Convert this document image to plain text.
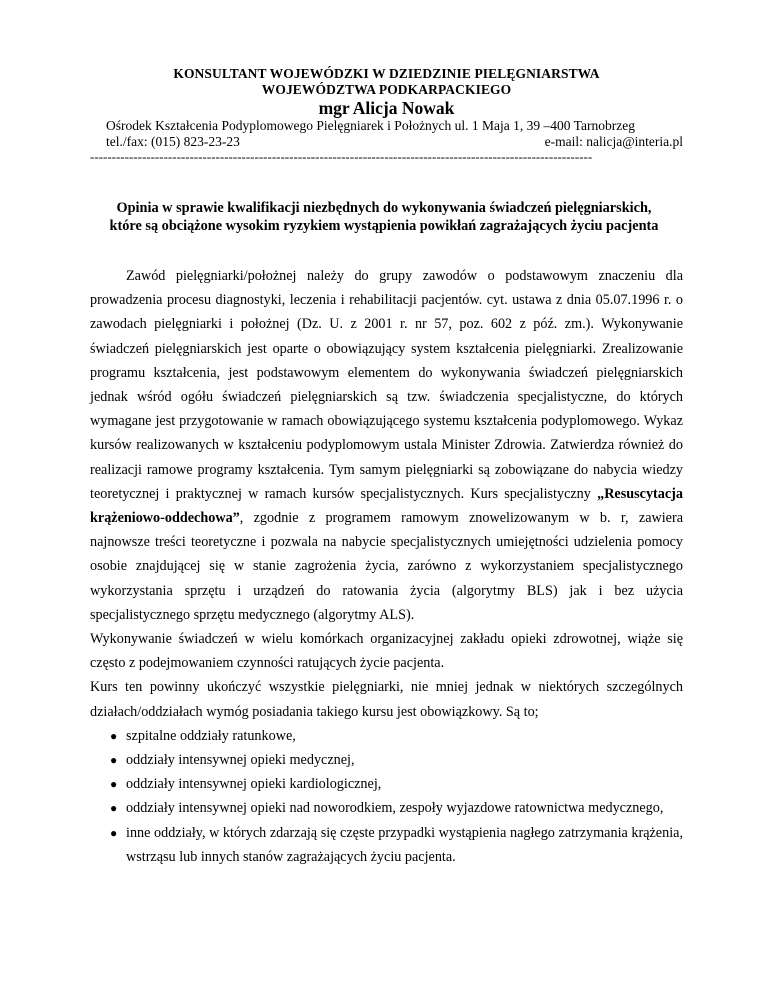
KONSULTANT WOJEWÓDZKI W DZIEDZINIE PIELĘGNIARSTWA
WOJEWÓDZTWA PODKARPACKIEGO
mgr Alicja Nowak
Ośrodek Kształcenia Podyplomowego Pielęgniarek i Położnych ul. 1 Maja 1, 39 –400 Tarnobrzeg
tel./fax: (015) 823-23-23	e-mail: nalicja@interia.pl
--------------------------------------------------------------------------------------------------------------------
Opinia w sprawie kwalifikacji niezbędnych do wykonywania świadczeń pielęgniarskich,
które są obciążone wysokim ryzykiem wystąpienia powikłań zagrażających życiu pacjenta

Zawód pielęgniarki/położnej należy do grupy zawodów o podstawowym znaczeniu dla prowadzenia procesu diagnostyki, leczenia i rehabilitacji pacjentów. cyt. ustawa z dnia 05.07.1996 r. o zawodach pielęgniarki i położnej (Dz. U. z 2001 r. nr 57, poz. 602 z póź. zm.). Wykonywanie świadczeń pielęgniarskich jest oparte o obowiązujący system kształcenia pielęgniarki. Zrealizowanie programu kształcenia, jest podstawowym elementem do wykonywania świadczeń pielęgniarskich jednak wśród ogółu świadczeń pielęgniarskich są tzw. świadczenia specjalistyczne, do których wymagane jest przygotowanie w ramach obowiązującego systemu kształcenia podyplomowego. Wykaz kursów realizowanych w kształceniu podyplomowym ustala Minister Zdrowia. Zatwierdza również do realizacji ramowe programy kształcenia. Tym samym pielęgniarki są zobowiązane do nabycia wiedzy teoretycznej i praktycznej w ramach kursów specjalistycznych. Kurs specjalistyczny „Resuscytacja krążeniowo-oddechowa”, zgodnie z programem ramowym znowelizowanym w b. r, zawiera najnowsze treści teoretyczne i pozwala na nabycie specjalistycznych umiejętności udzielenia pomocy osobie znajdującej się w stanie zagrożenia życia, zarówno z wykorzystaniem specjalistycznego wykorzystania sprzętu i urządzeń do ratowania życia (algorytmy BLS) jak i bez użycia specjalistycznego sprzętu medycznego (algorytmy ALS).

Wykonywanie świadczeń w wielu komórkach organizacyjnej zakładu opieki zdrowotnej, wiąże się często z podejmowaniem czynności ratujących życie pacjenta.

Kurs ten powinny ukończyć wszystkie pielęgniarki, nie mniej jednak w niektórych szczególnych działach/oddziałach wymóg posiadania takiego kursu jest obowiązkowy. Są to;

● szpitalne oddziały ratunkowe,
● oddziały intensywnej opieki medycznej,
● oddziały intensywnej opieki kardiologicznej,
● oddziały intensywnej opieki nad noworodkiem, zespoły wyjazdowe ratownictwa medycznego,
● inne oddziały, w których zdarzają się częste przypadki wystąpienia nagłego zatrzymania krążenia, wstrząsu lub innych stanów zagrażających życiu pacjenta.
